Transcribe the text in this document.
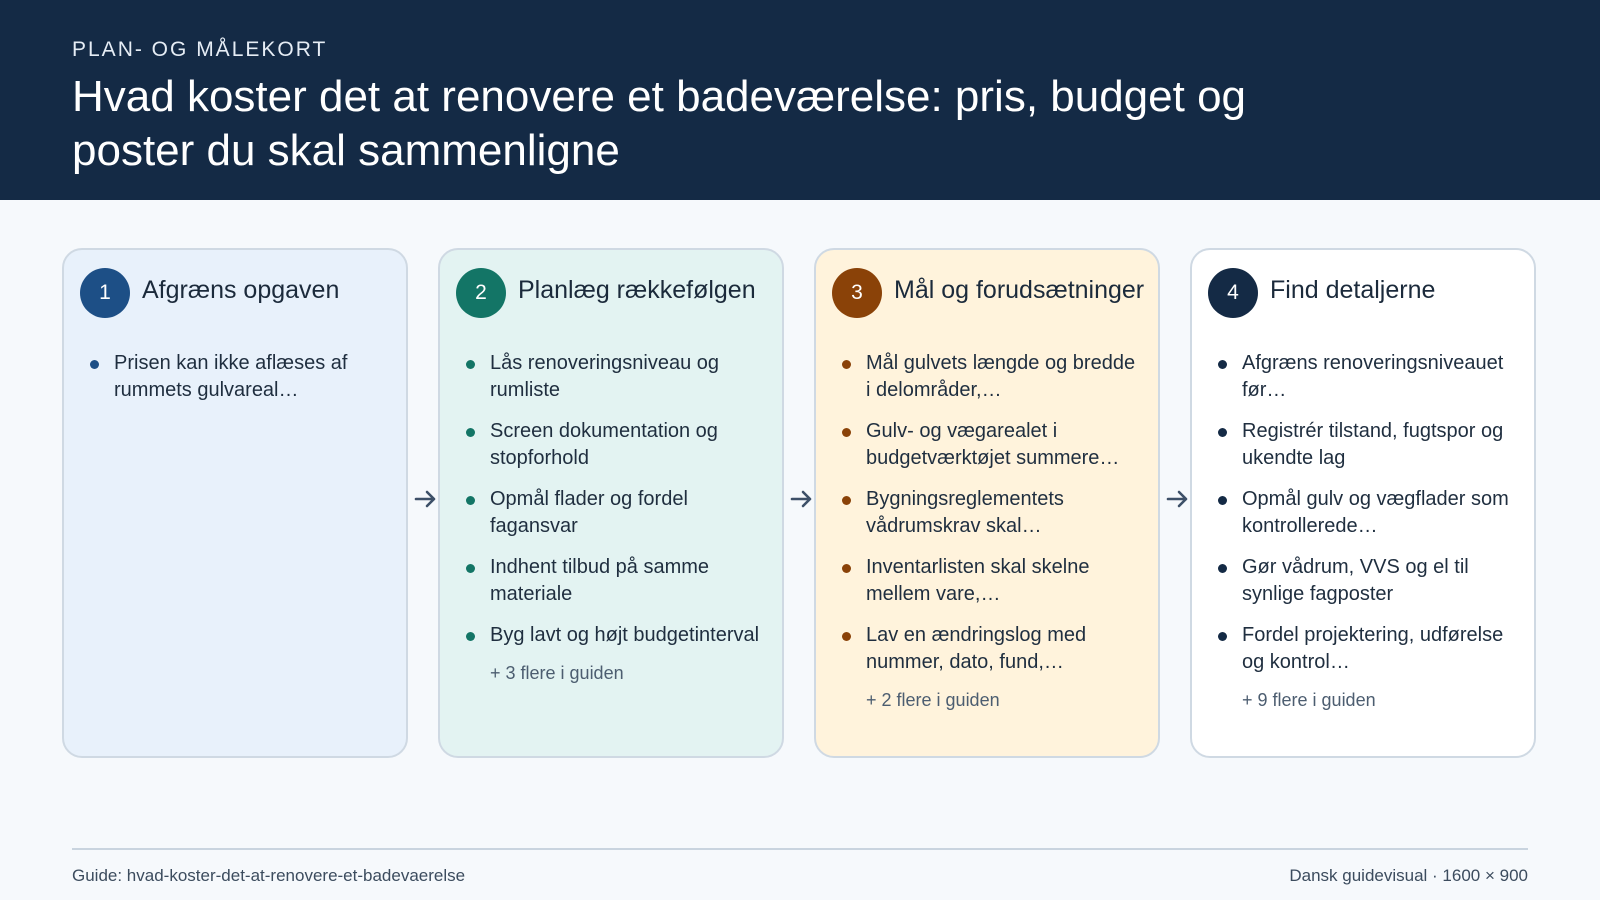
PLAN- OG MÅLEKORT
Hvad koster det at renovere et badeværelse: pris, budget og poster du skal sammenligne
1	Afgræns opgaven
Prisen kan ikke aflæses af rummets gulvareal…
2	Planlæg rækkefølgen
Lås renoveringsniveau og rumliste
Screen dokumentation og stopforhold
Opmål flader og fordel fagansvar
Indhent tilbud på samme materiale
Byg lavt og højt budgetinterval
+ 3 flere i guiden
3	Mål og forudsætninger
Mål gulvets længde og bredde i delområder,…
Gulv- og vægarealet i budgetværktøjet summere…
Bygningsreglementets vådrumskrav skal…
Inventarlisten skal skelne mellem vare,…
Lav en ændringslog med nummer, dato, fund,…
+ 2 flere i guiden
4	Find detaljerne
Afgræns renoveringsniveauet før…
Registrér tilstand, fugtspor og ukendte lag
Opmål gulv og vægflader som kontrollerede…
Gør vådrum, VVS og el til synlige fagposter
Fordel projektering, udførelse og kontrol…
+ 9 flere i guiden
Guide: hvad-koster-det-at-renovere-et-badevaerelse	Dansk guidevisual · 1600 × 900
